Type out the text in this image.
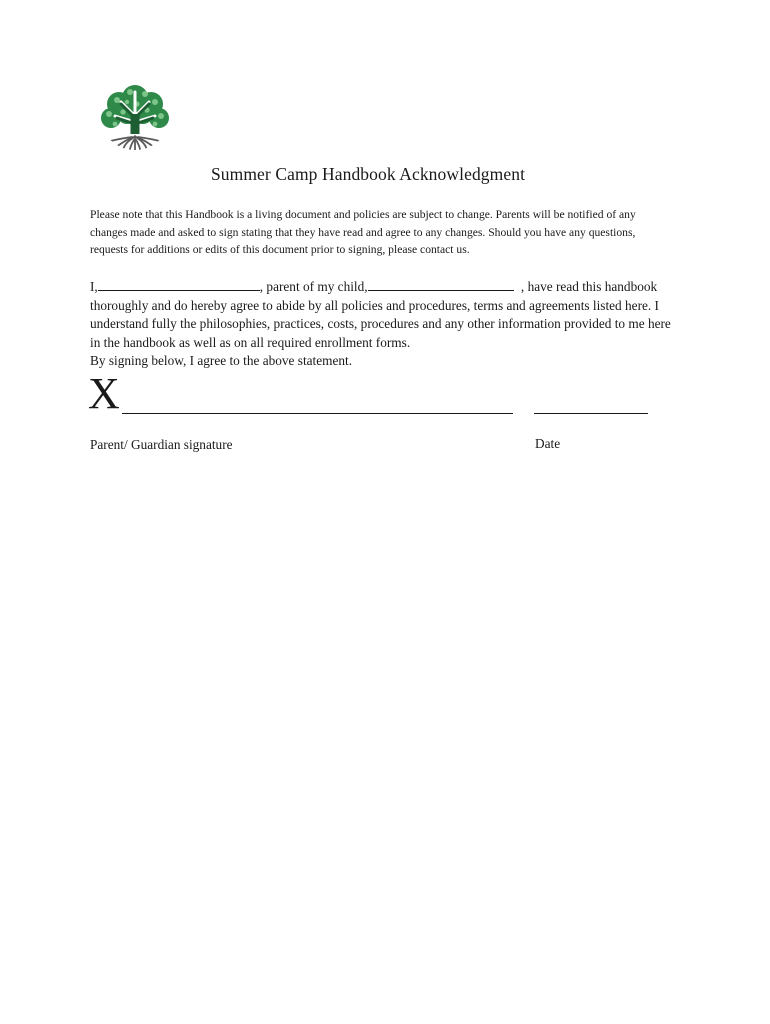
Summer Camp Handbook Acknowledgment
Please note that this Handbook is a living document and policies are subject to change. Parents will be notified of any
changes made and asked to sign stating that they have read and agree to any changes. Should you have any questions,
requests for additions or edits of this document prior to signing, please contact us.
I,	, parent of my child,	, have read this handbook
thoroughly and do hereby agree to abide by all policies and procedures, terms and agreements listed here. I
understand fully the philosophies, practices, costs, procedures and any other information provided to me here
in the handbook as well as on all required enrollment forms.
By signing below, I agree to the above statement.
X
Parent/ Guardian signature	Date
